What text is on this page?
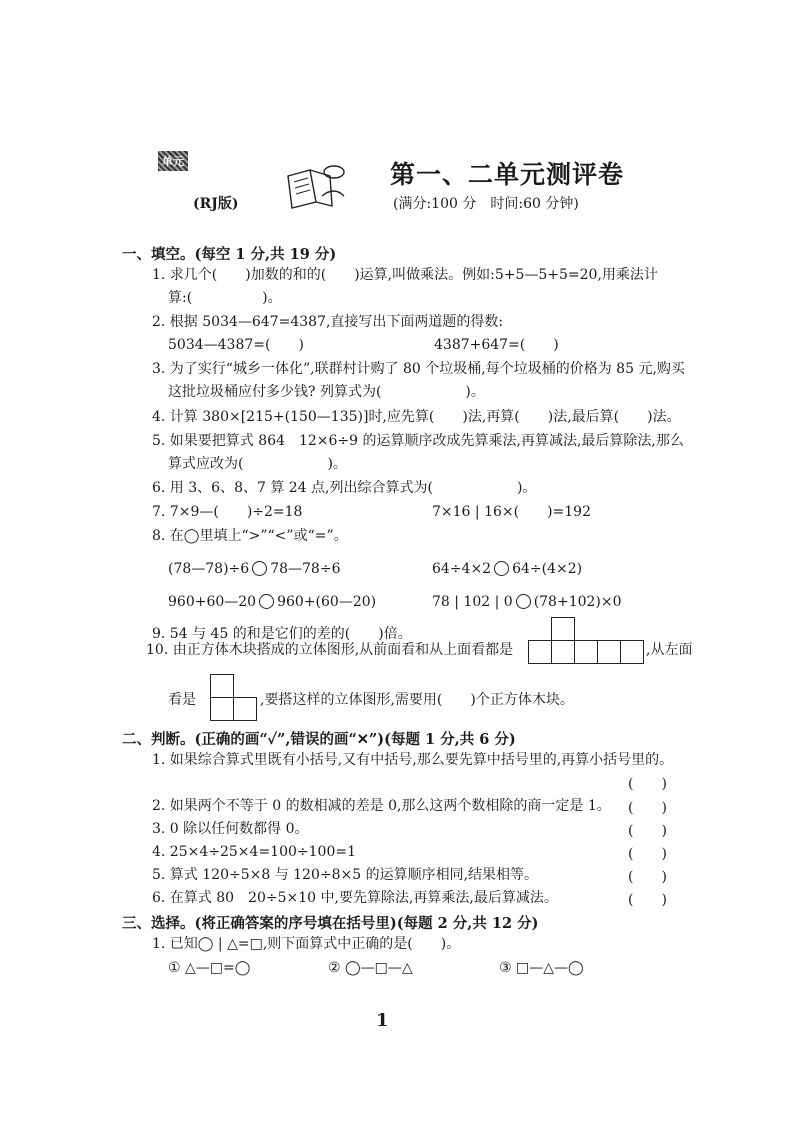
单元	第一、二单元测评卷
(RJ版)	(满分:100 分　时间:60 分钟)
一、填空。(每空 1 分,共 19 分)
1. 求几个(　　)加数的和的(　　)运算,叫做乘法。例如:5+5—5+5=20,用乘法计
算:(　　　　　)。
2. 根据 5034—647=4387,直接写出下面两道题的得数:
5034—4387=(　　)	4387+647=(　　)
3. 为了实行“城乡一体化”,联群村计购了 80 个垃圾桶,每个垃圾桶的价格为 85 元,购买
这批垃圾桶应付多少钱? 列算式为(　　　　　　)。
4. 计算 380×[215+(150—135)]时,应先算(　　)法,再算(　　)法,最后算(　　)法。
5. 如果要把算式 864　12×6÷9 的运算顺序改成先算乘法,再算减法,最后算除法,那么
算式应改为(　　　　　　)。
6. 用 3、6、8、7 算 24 点,列出综合算式为(　　　　　　)。
7. 7×9—(　　)÷2=18	7×16 | 16×(　　)=192
8. 在◯里填上“>”“<”或“=”。
(78—78)÷6 78—78÷6	64÷4×2 64÷(4×2)
960+60—20 960+(60—20)	78 | 102 | 0 (78+102)×0
9. 54 与 45 的和是它们的差的(　　)倍。
10. 由正方体木块搭成的立体图形,从前面看和从上面看都是	,从左面
看是	,要搭这样的立体图形,需要用(　　)个正方体木块。
二、判断。(正确的画“✓”,错误的画“✕”)(每题 1 分,共 6 分)
1. 如果综合算式里既有小括号,又有中括号,那么要先算中括号里的,再算小括号里的。
(　　)
2. 如果两个不等于 0 的数相减的差是 0,那么这两个数相除的商一定是 1。 (　　)
3. 0 除以任何数都得 0。	(　　)
4. 25×4÷25×4=100÷100=1	(　　)
5. 算式 120÷5×8 与 120÷8×5 的运算顺序相同,结果相等。	(　　)
6. 在算式 80　20÷5×10 中,要先算除法,再算乘法,最后算减法。	(　　)
三、选择。(将正确答案的序号填在括号里)(每题 2 分,共 12 分)
1. 已知◯ | △=□,则下面算式中正确的是(　　)。
① △—□=◯	② ◯—□—△	③ □—△—◯
1
